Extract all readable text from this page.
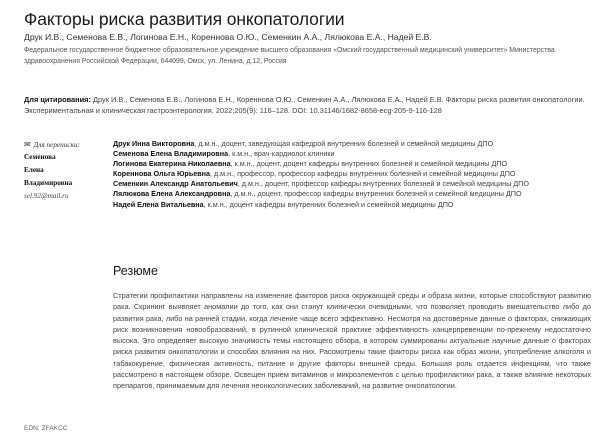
Факторы риска развития онкопатологии
Друк И.В., Семенова Е.В., Логинова Е.Н., Кореннова О.Ю., Семенкин А.А., Лялюкова Е.А., Надей Е.В.
Федеральное государственное бюджетное образовательное учреждение высшего образования «Омский государственный медицинский университет» Министерства здравоохранения Российской Федерации, 644099, Омск, ул. Ленина, д.12, Россия
Для цитирования: Друк И.В., Семенова Е.В., Логинова Е.Н., Кореннова О.Ю., Семенкин А.А., Лялюкова Е.А., Надей Е.В. Факторы риска развития онкопатологии. Экспериментальная и клиническая гастроэнтерология. 2022;205(9): 116–128. DOI: 10.31146/1682-8658-ecg-205-9-116-128
✉ Для переписки:
Семенова
Елена
Владимировна
sel.92@mail.ru
Друк Инна Викторовна, д.м.н., доцент, заведующая кафедрой внутренних болезней и семейной медицины ДПО
Семенова Елена Владимировна, к.м.н., врач-кардиолог клиники
Логинова Екатерина Николаевна, к.м.н., доцент, доцент кафедры внутренних болезней и семейной медицины ДПО
Кореннова Ольга Юрьевна, д.м.н., профессор, профессор кафедры внутренних болезней и семейной медицины ДПО
Семенкин Александр Анатольевич, д.м.н., доцент, профессор кафедры внутренних болезней и семейной медицины ДПО
Лялюкова Елена Александровна, д.м.н., доцент, профессор кафедры внутренних болезней и семейной медицины ДПО
Надей Елена Витальевна, к.м.н., доцент кафедры внутренних болезней и семейной медицины ДПО
Резюме
Стратегии профилактики направлены на изменение факторов риска окружающей среды и образа жизни, которые способствуют развитию рака. Скрининг выявляет аномалии до того, как они станут клинически очевидными, что позволяет проводить вмешательство либо до развития рака, либо на ранней стадии, когда лечение чаще всего эффективно. Несмотря на достоверные данные о факторах, снижающих риск возникновения новообразований, в рутинной клинической практике эффективность канцерпревенции по-прежнему недостаточно высока. Это определяет высокую значимость темы настоящего обзора, в котором суммированы актуальные научные данные о факторах риска развития онкопатологии и способах влияния на них. Рассмотрены такие факторы риска как образ жизни, употребление алкоголя и табакокурение, физическая активность, питание и другие факторы внешней среды. Большая роль отдается инфекциям, что также рассмотрено в настоящем обзоре. Освещен прием витаминов и микроэлементов с целью профилактики рака, а также влияние некоторых препаратов, принимаемым для лечения неонкологических заболеваний, на развитие онкопатологии.
EDN: ZFAKCC
